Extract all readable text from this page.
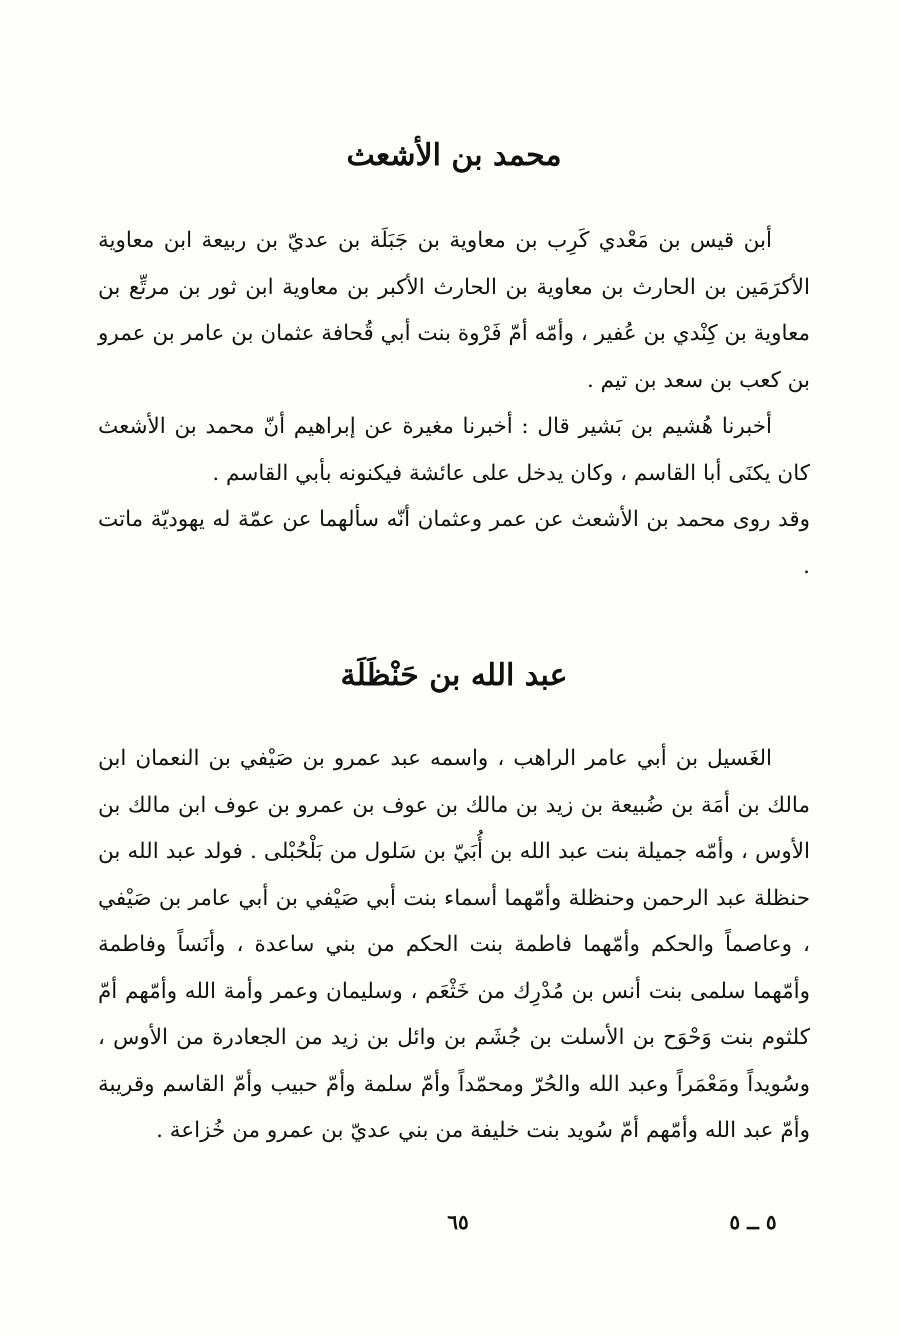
محمد بن الأشعث
أبن قيس بن مَعْدي كَرِب بن معاوية بن جَبَلَة بن عديّ بن ربيعة ابن معاوية الأكرَمَين بن الحارث بن معاوية بن الحارث الأكبر بن معاوية ابن ثور بن مرتِّع بن معاوية بن كِنْدي بن عُفير ، وأمّه أمّ فَرْوة بنت أبي قُحافة عثمان بن عامر بن عمرو بن كعب بن سعد بن تيم .
أخبرنا هُشيم بن بَشير قال : أخبرنا مغيرة عن إبراهيم أنّ محمد بن الأشعث كان يكنَى أبا القاسم ، وكان يدخل على عائشة فيكنونه بأبي القاسم .
وقد روى محمد بن الأشعث عن عمر وعثمان أنّه سألهما عن عمّة له يهوديّة ماتت .
عبد الله بن حَنْظَلَة
الغَسيل بن أبي عامر الراهب ، واسمه عبد عمرو بن صَيْفي بن النعمان ابن مالك بن أمَة بن ضُبيعة بن زيد بن مالك بن عوف بن عمرو بن عوف ابن مالك بن الأوس ، وأمّه جميلة بنت عبد الله بن أُبَيّ بن سَلول من بَلْحُبْلى . فولد عبد الله بن حنظلة عبد الرحمن وحنظلة وأمّهما أسماء بنت أبي صَيْفي بن أبي عامر بن صَيْفي ، وعاصماً والحكم وأمّهما فاطمة بنت الحكم من بني ساعدة ، وأنَساً وفاطمة وأمّهما سلمى بنت أنس بن مُدْرِك من خَثْعَم ، وسليمان وعمر وأمة الله وأمّهم أمّ كلثوم بنت وَحْوَح بن الأسلت بن جُشَم بن وائل بن زيد من الجعادرة من الأوس ، وسُويداً ومَعْمَراً وعبد الله والحُرّ ومحمّداً وأمّ سلمة وأمّ حبيب وأمّ القاسم وقريبة وأمّ عبد الله وأمّهم أمّ سُويد بنت خليفة من بني عديّ بن عمرو من خُزاعة .
٦٥	٥ ــ ٥
